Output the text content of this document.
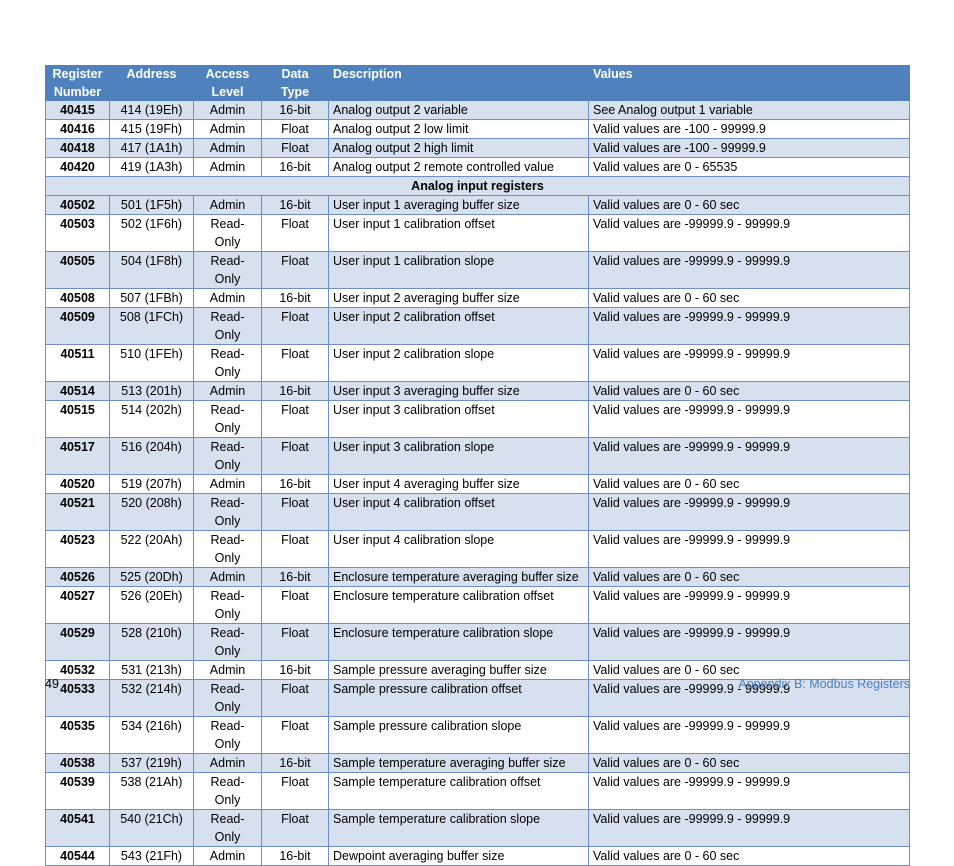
Register Number	Address	Access Level	Data Type	Description	Values
40415	414 (19Eh)	Admin	16-bit	Analog output 2 variable	See Analog output 1 variable
40416	415 (19Fh)	Admin	Float	Analog output 2 low limit	Valid values are -100 - 99999.9
40418	417 (1A1h)	Admin	Float	Analog output 2 high limit	Valid values are -100 - 99999.9
40420	419 (1A3h)	Admin	16-bit	Analog output 2 remote controlled value	Valid values are 0 - 65535
Analog input registers					
40502	501 (1F5h)	Admin	16-bit	User input 1 averaging buffer size	Valid values are 0 - 60 sec
40503	502 (1F6h)	Read-Only	Float	User input 1 calibration offset	Valid values are -99999.9 - 99999.9
40505	504 (1F8h)	Read-Only	Float	User input 1 calibration slope	Valid values are -99999.9 - 99999.9
40508	507 (1FBh)	Admin	16-bit	User input 2 averaging buffer size	Valid values are 0 - 60 sec
40509	508 (1FCh)	Read-Only	Float	User input 2 calibration offset	Valid values are -99999.9 - 99999.9
40511	510 (1FEh)	Read-Only	Float	User input 2 calibration slope	Valid values are -99999.9 - 99999.9
40514	513 (201h)	Admin	16-bit	User input 3 averaging buffer size	Valid values are 0 - 60 sec
40515	514 (202h)	Read-Only	Float	User input 3 calibration offset	Valid values are -99999.9 - 99999.9
40517	516 (204h)	Read-Only	Float	User input 3 calibration slope	Valid values are -99999.9 - 99999.9
40520	519 (207h)	Admin	16-bit	User input 4 averaging buffer size	Valid values are 0 - 60 sec
40521	520 (208h)	Read-Only	Float	User input 4 calibration offset	Valid values are -99999.9 - 99999.9
40523	522 (20Ah)	Read-Only	Float	User input 4 calibration slope	Valid values are -99999.9 - 99999.9
40526	525 (20Dh)	Admin	16-bit	Enclosure temperature averaging buffer size	Valid values are 0 - 60 sec
40527	526 (20Eh)	Read-Only	Float	Enclosure temperature calibration offset	Valid values are -99999.9 - 99999.9
40529	528 (210h)	Read-Only	Float	Enclosure temperature calibration slope	Valid values are -99999.9 - 99999.9
40532	531 (213h)	Admin	16-bit	Sample pressure averaging buffer size	Valid values are 0 - 60 sec
40533	532 (214h)	Read-Only	Float	Sample pressure calibration offset	Valid values are -99999.9 - 99999.9
40535	534 (216h)	Read-Only	Float	Sample pressure calibration slope	Valid values are -99999.9 - 99999.9
40538	537 (219h)	Admin	16-bit	Sample temperature averaging buffer size	Valid values are 0 - 60 sec
40539	538 (21Ah)	Read-Only	Float	Sample temperature calibration offset	Valid values are -99999.9 - 99999.9
40541	540 (21Ch)	Read-Only	Float	Sample temperature calibration slope	Valid values are -99999.9 - 99999.9
40544	543 (21Fh)	Admin	16-bit	Dewpoint averaging buffer size	Valid values are 0 - 60 sec
49	Appendix B: Modbus Registers
